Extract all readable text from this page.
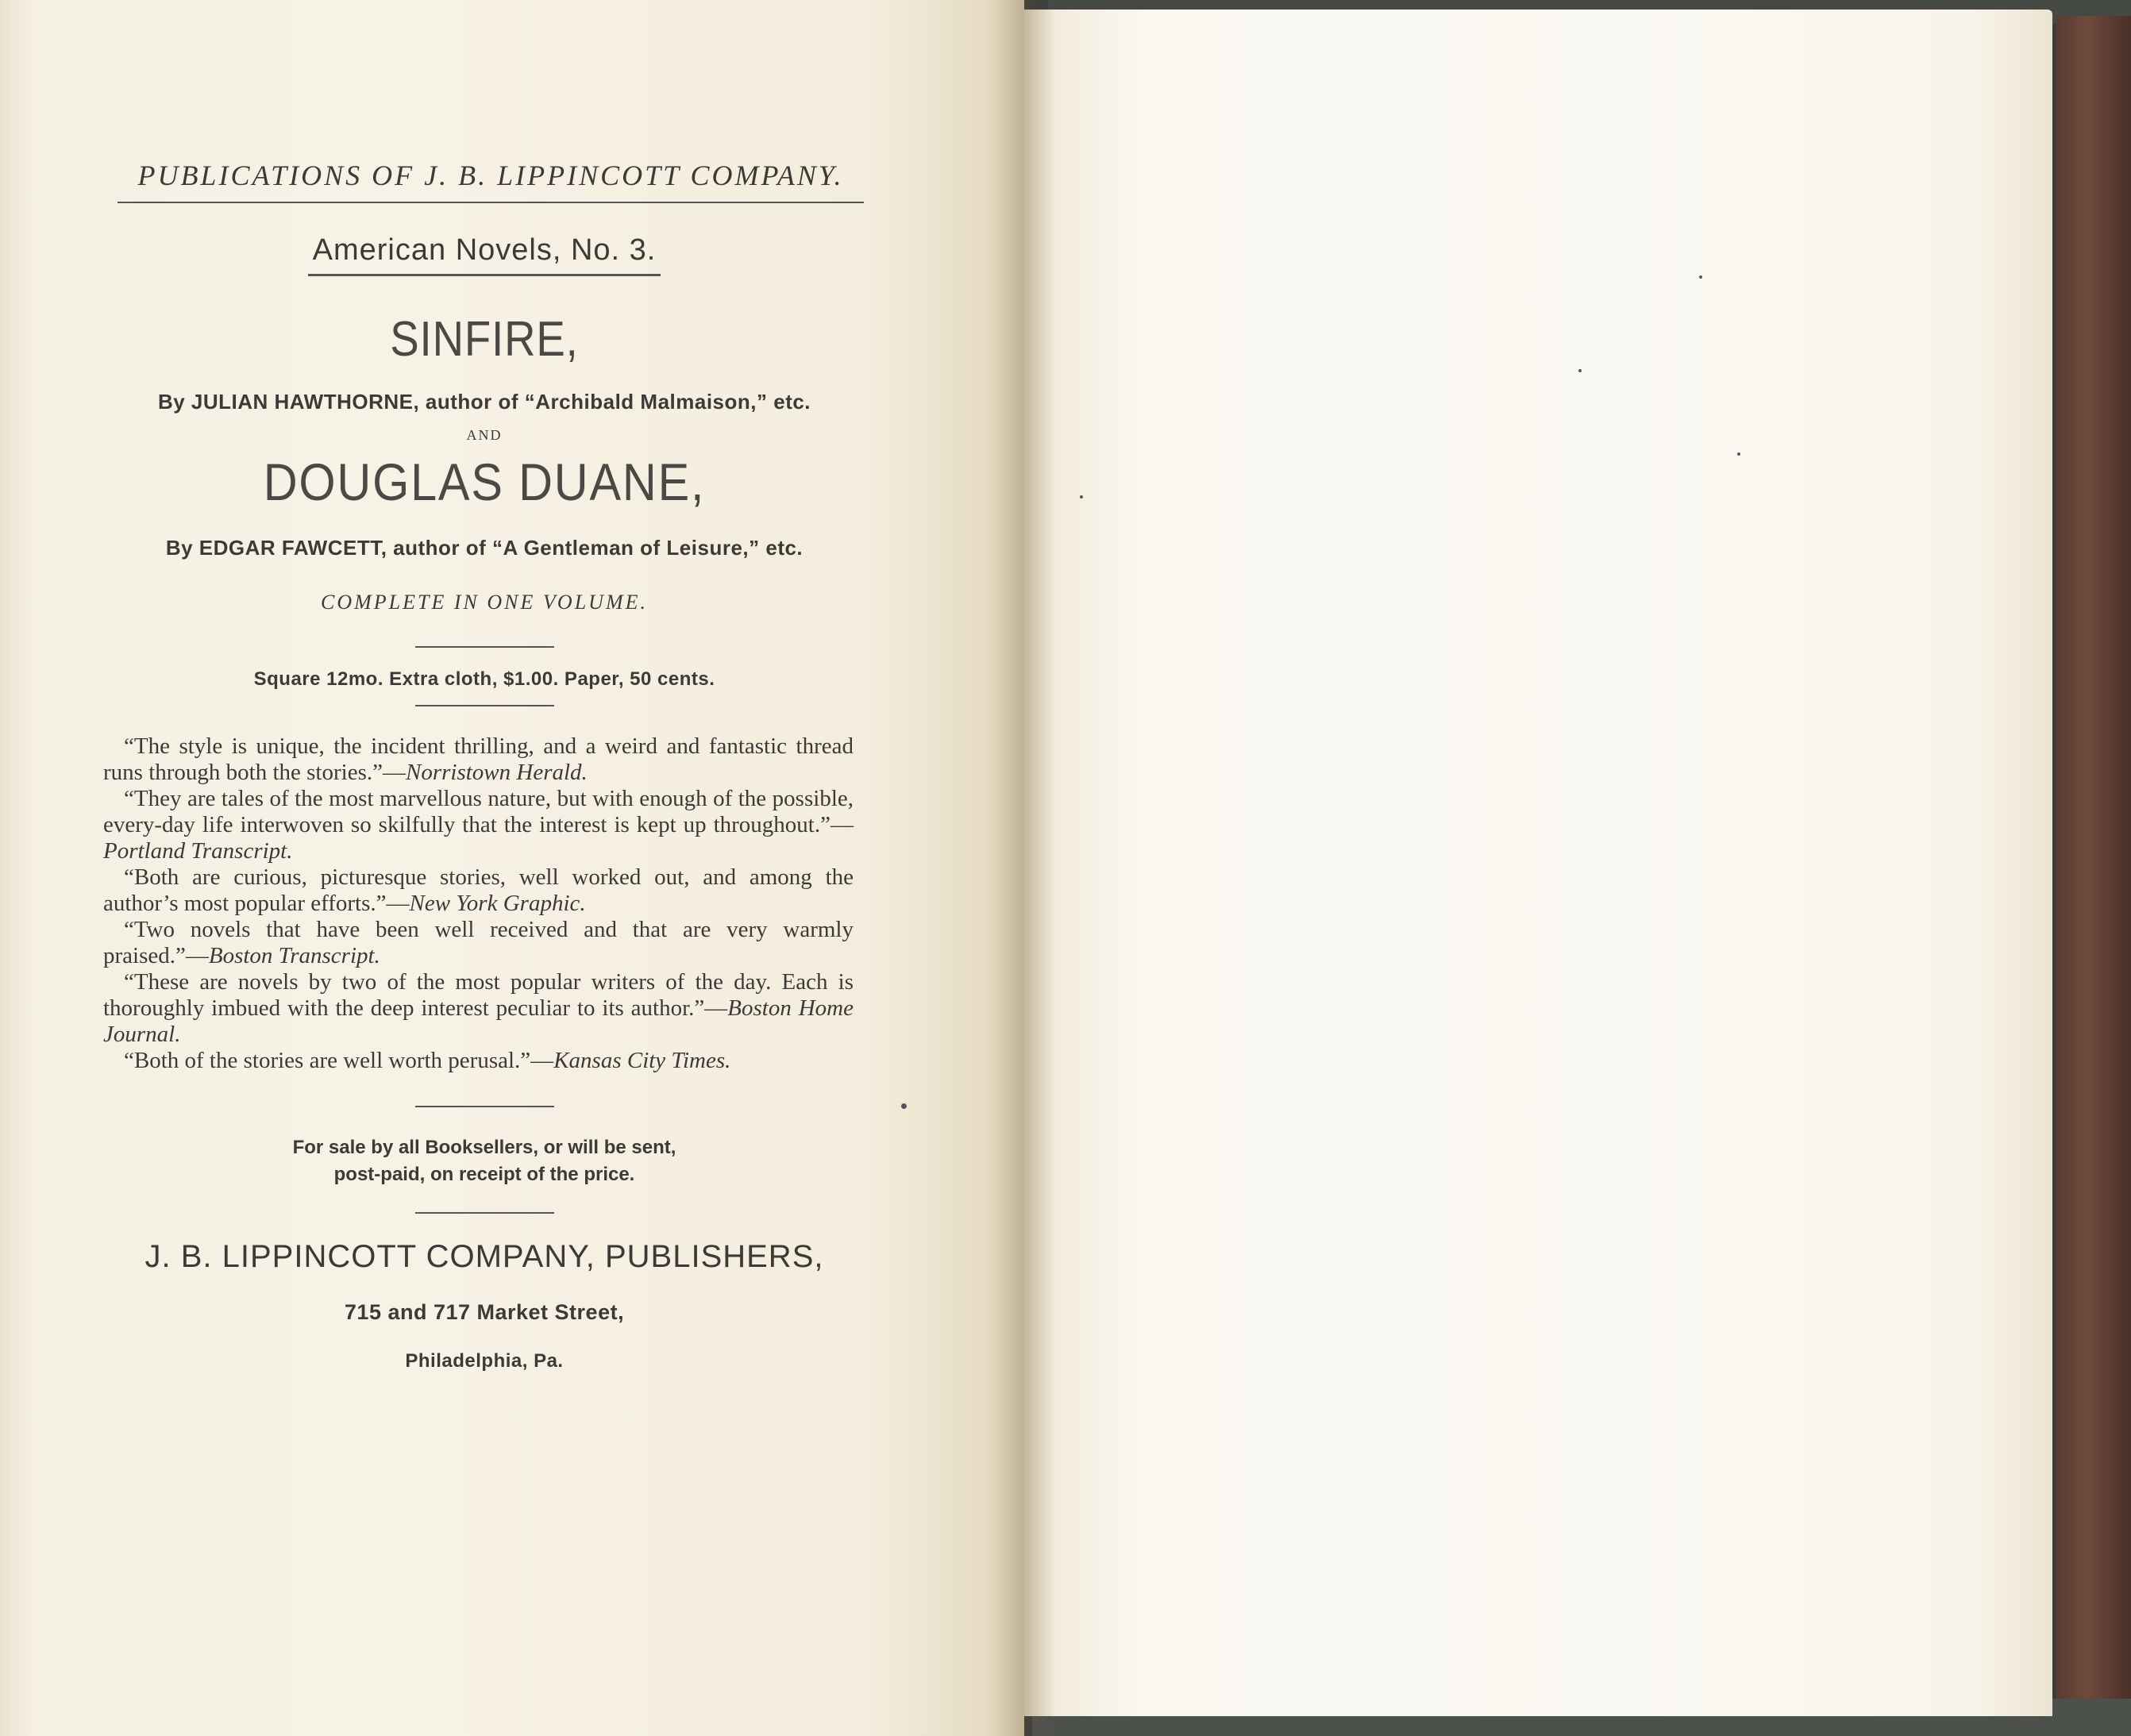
PUBLICATIONS OF J. B. LIPPINCOTT COMPANY.
American Novels, No. 3.
SINFIRE,
By JULIAN HAWTHORNE, author of “Archibald Malmaison,” etc.
AND
DOUGLAS DUANE,
By EDGAR FAWCETT, author of “A Gentleman of Leisure,” etc.
COMPLETE IN ONE VOLUME.
Square 12mo. Extra cloth, $1.00. Paper, 50 cents.

“The style is unique, the incident thrilling, and a weird and fantastic thread runs through both the stories.”—Norristown Herald.

“They are tales of the most marvellous nature, but with enough of the possible, every-day life interwoven so skilfully that the interest is kept up throughout.”—Portland Transcript.

“Both are curious, picturesque stories, well worked out, and among the author’s most popular efforts.”—New York Graphic.

“Two novels that have been well received and that are very warmly praised.”—Boston Transcript.

“These are novels by two of the most popular writers of the day. Each is thoroughly imbued with the deep interest peculiar to its author.”—Boston Home Journal.

“Both of the stories are well worth perusal.”—Kansas City Times.

For sale by all Booksellers, or will be sent,
post-paid, on receipt of the price.
J. B. LIPPINCOTT COMPANY, PUBLISHERS,
715 and 717 Market Street,
Philadelphia, Pa.
